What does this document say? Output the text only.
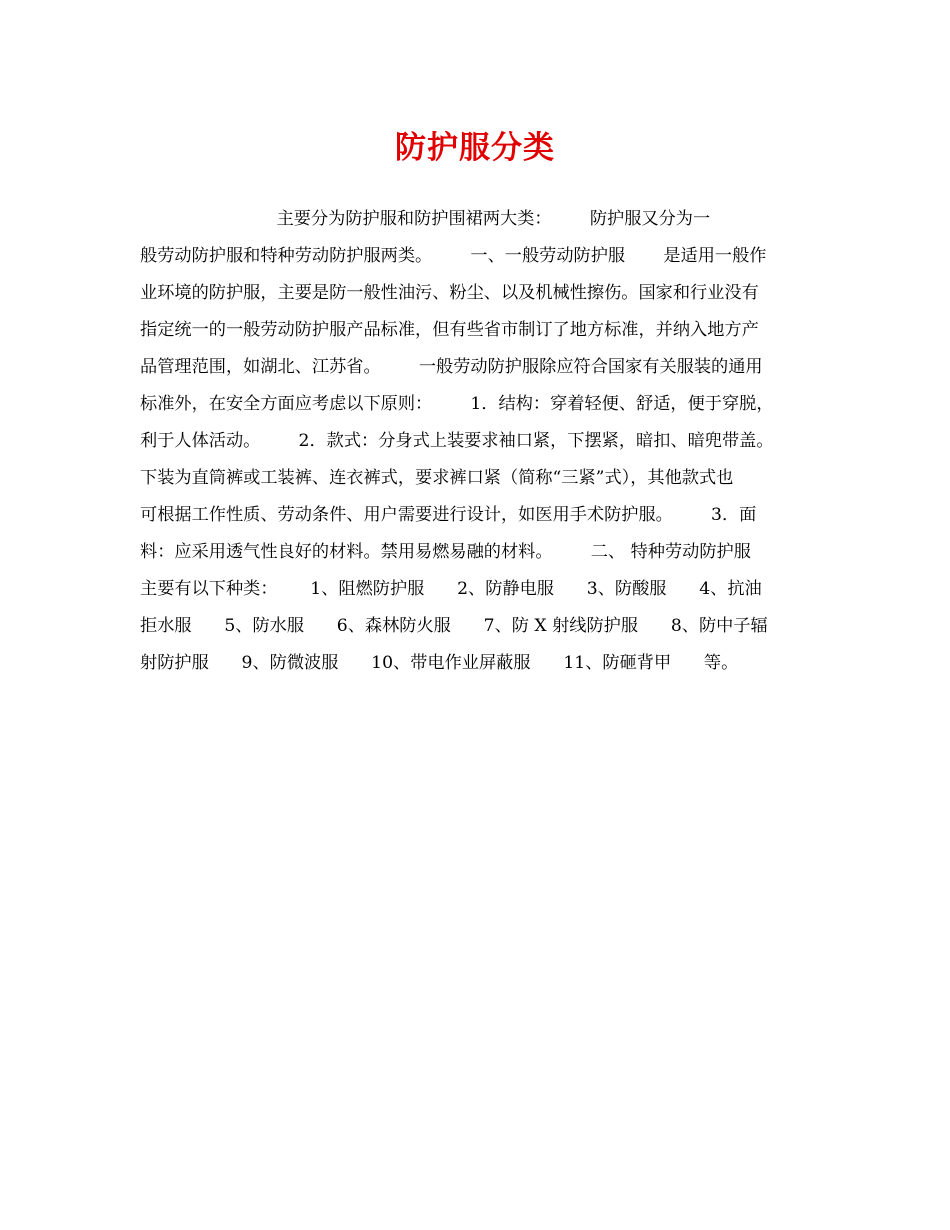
防护服分类
主要分为防护服和防护围裙两大类：       防护服又分为一
般劳动防护服和特种劳动防护服两类。       一、一般劳动防护服       是适用一般作
业环境的防护服，主要是防一般性油污、粉尘、以及机械性擦伤。国家和行业没有
指定统一的一般劳动防护服产品标准，但有些省市制订了地方标准，并纳入地方产
品管理范围，如湖北、江苏省。       一般劳动防护服除应符合国家有关服装的通用
标准外，在安全方面应考虑以下原则：       1．结构：穿着轻便、舒适，便于穿脱，
利于人体活动。       2．款式：分身式上装要求袖口紧，下摆紧，暗扣、暗兜带盖。
下装为直筒裤或工装裤、连衣裤式，要求裤口紧（简称“三紧”式），其他款式也
可根据工作性质、劳动条件、用户需要进行设计，如医用手术防护服。       3．面
料：应采用透气性良好的材料。禁用易燃易融的材料。       二、 特种劳动防护服
主要有以下种类：      1、阻燃防护服      2、防静电服      3、防酸服      4、抗油
拒水服      5、防水服      6、森林防火服      7、防 X 射线防护服      8、防中子辐
射防护服      9、防微波服      10、带电作业屏蔽服      11、防砸背甲      等。
